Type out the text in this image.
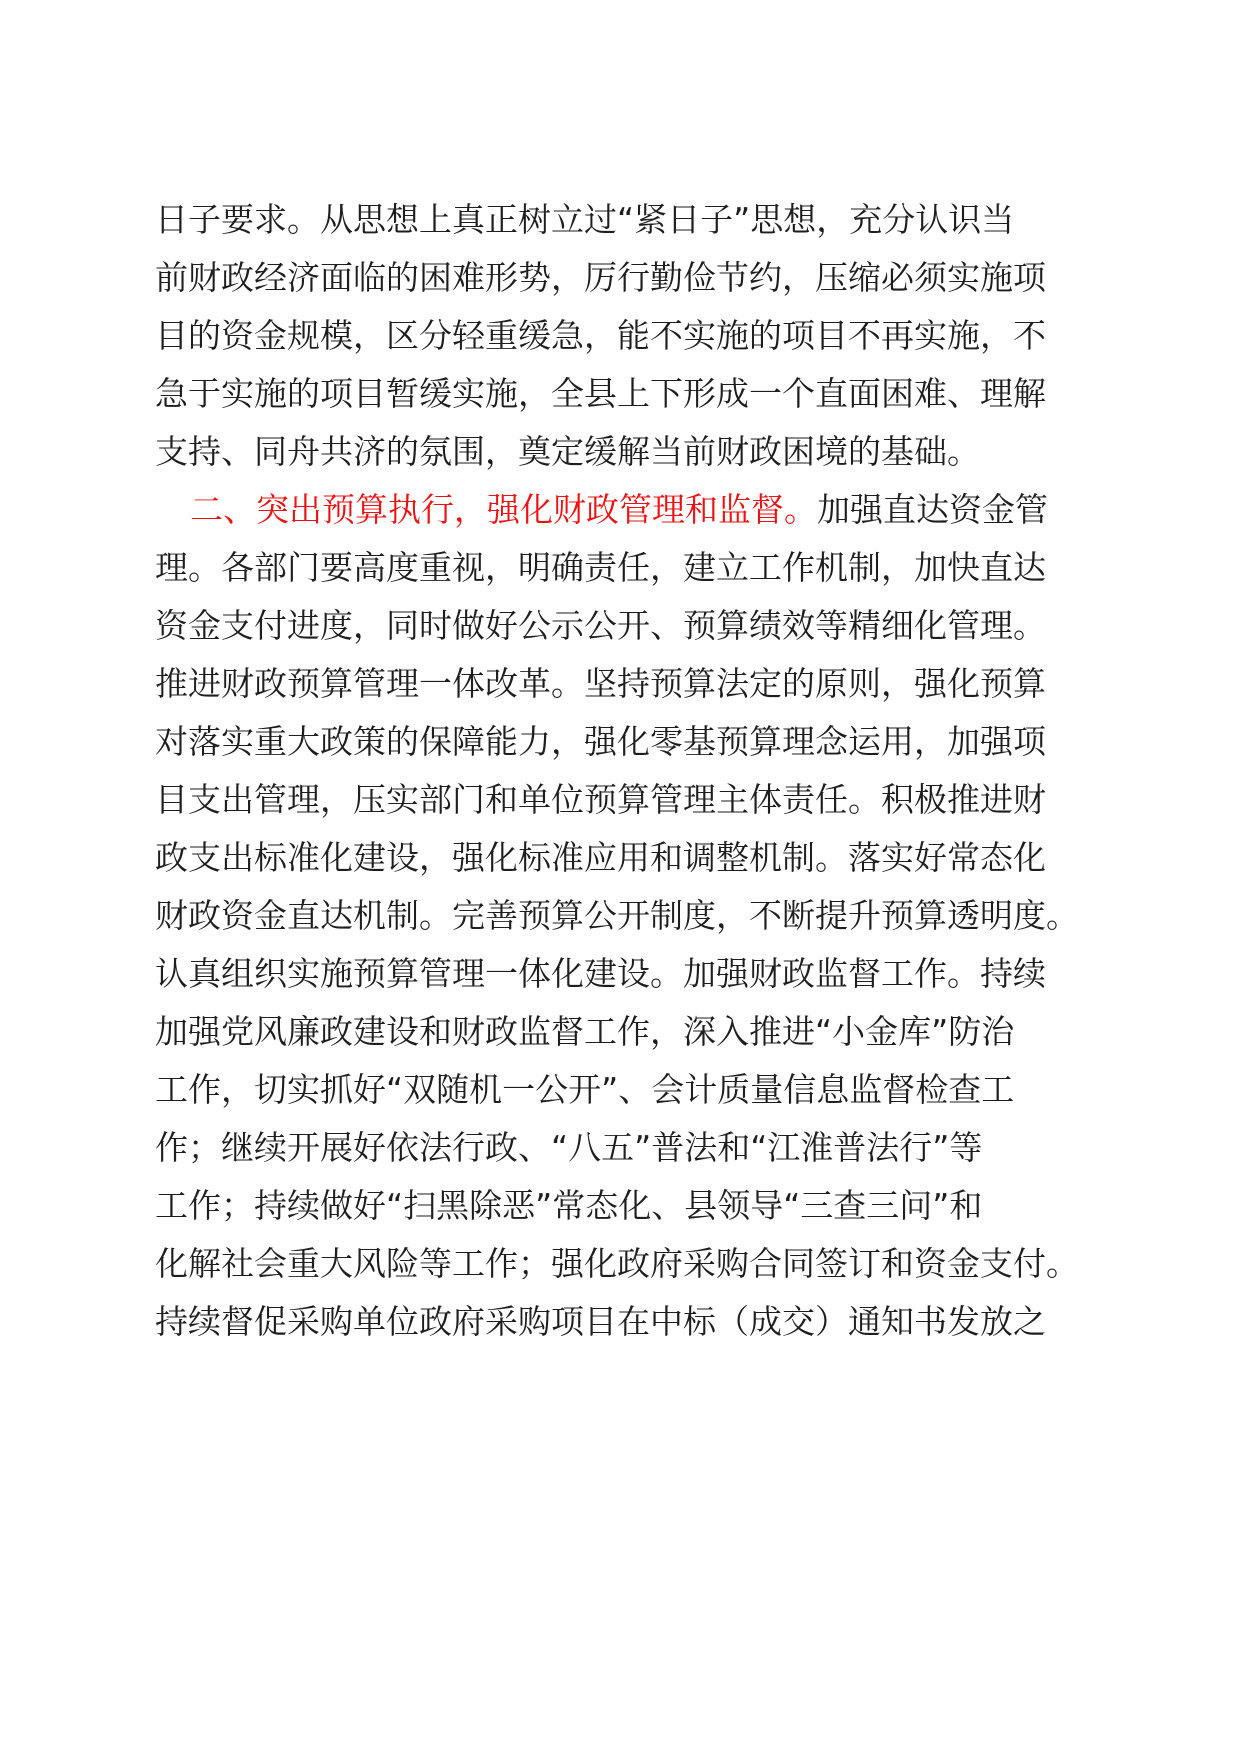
日子要求。从思想上真正树立过“紧日子”思想，充分认识当
前财政经济面临的困难形势，厉行勤俭节约，压缩必须实施项
目的资金规模，区分轻重缓急，能不实施的项目不再实施，不
急于实施的项目暂缓实施，全县上下形成一个直面困难、理解
支持、同舟共济的氛围，奠定缓解当前财政困境的基础。
二、突出预算执行，强化财政管理和监督。加强直达资金管
理。各部门要高度重视，明确责任，建立工作机制，加快直达
资金支付进度，同时做好公示公开、预算绩效等精细化管理。
推进财政预算管理一体改革。坚持预算法定的原则，强化预算
对落实重大政策的保障能力，强化零基预算理念运用，加强项
目支出管理，压实部门和单位预算管理主体责任。积极推进财
政支出标准化建设，强化标准应用和调整机制。落实好常态化
财政资金直达机制。完善预算公开制度，不断提升预算透明度。
认真组织实施预算管理一体化建设。加强财政监督工作。持续
加强党风廉政建设和财政监督工作，深入推进“小金库”防治
工作，切实抓好“双随机一公开”、会计质量信息监督检查工
作；继续开展好依法行政、“八五”普法和“江淮普法行”等
工作；持续做好“扫黑除恶”常态化、县领导“三查三问”和
化解社会重大风险等工作；强化政府采购合同签订和资金支付。
持续督促采购单位政府采购项目在中标（成交）通知书发放之
